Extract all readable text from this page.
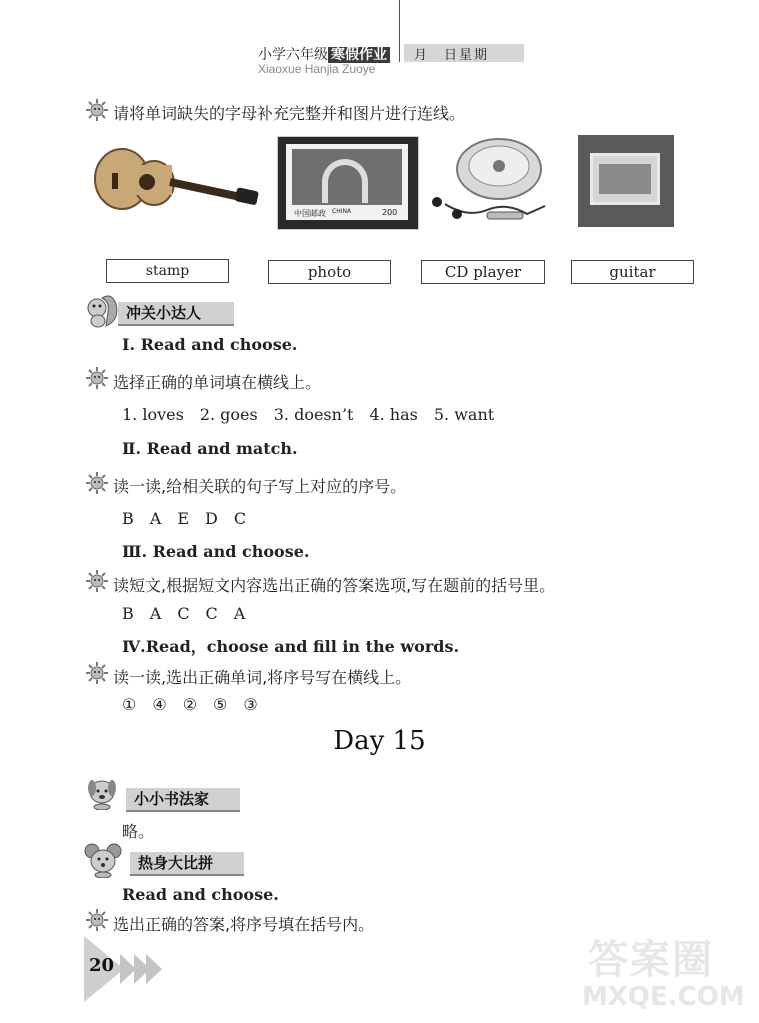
小学六年级 寒假作业	月　日星期
Xiaoxue Hanjia Zuoye
请将单词缺失的字母补充完整并和图片进行连线。
中国邮政 CHINA	200
stamp	photo	CD player	guitar
冲关小达人
Ⅰ. Read and choose.
选择正确的单词填在横线上。
1. loves　2. goes　3. doesn’t　4. has　5. want
Ⅱ. Read and match.
读一读,给相关联的句子写上对应的序号。
B　A　E　D　C
Ⅲ. Read and choose.
读短文,根据短文内容选出正确的答案选项,写在题前的括号里。
B　A　C　C　A
Ⅳ.Read，choose and fill in the words.
读一读,选出正确单词,将序号写在横线上。
①　④　②　⑤　③
Day 15
小小书法家
略。
热身大比拼
Read and choose.
选出正确的答案,将序号填在括号内。
20	答案圈
MXQE.COM
